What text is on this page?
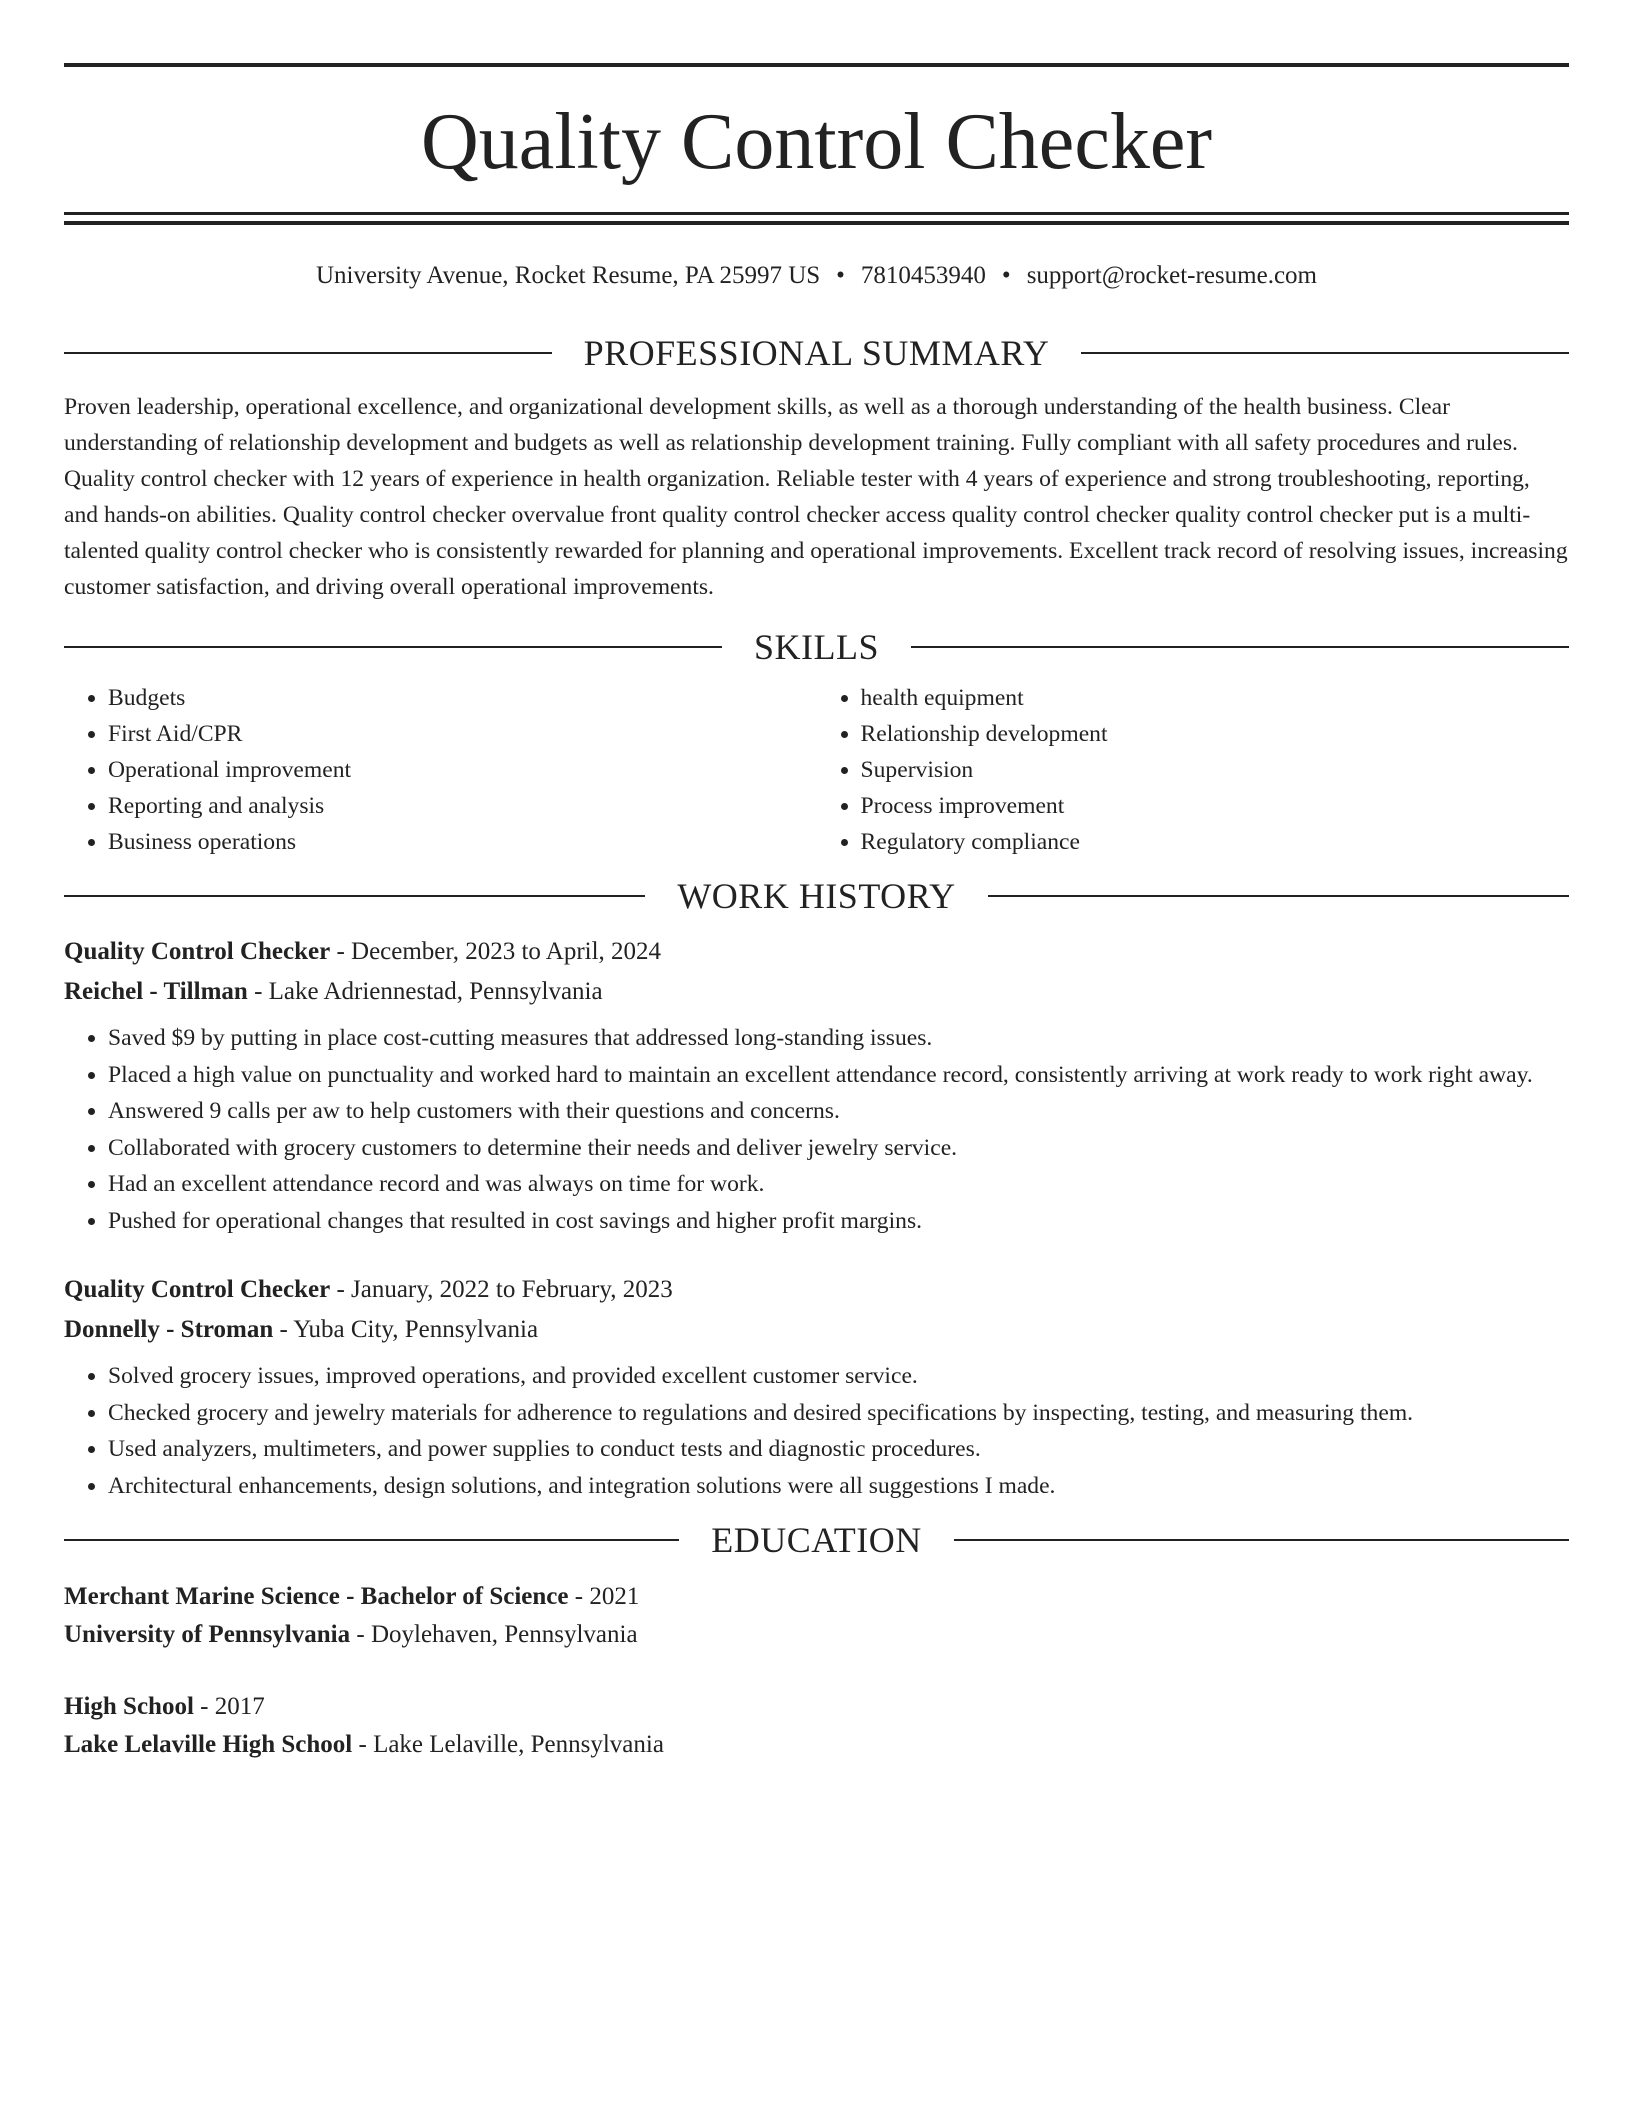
Quality Control Checker
University Avenue, Rocket Resume, PA 25997 US • 7810453940 • support@rocket-resume.com
PROFESSIONAL SUMMARY

Proven leadership, operational excellence, and organizational development skills, as well as a thorough understanding of the health business. Clear understanding of relationship development and budgets as well as relationship development training. Fully compliant with all safety procedures and rules. Quality control checker with 12 years of experience in health organization. Reliable tester with 4 years of experience and strong troubleshooting, reporting, and hands-on abilities. Quality control checker overvalue front quality control checker access quality control checker quality control checker put is a multi-talented quality control checker who is consistently rewarded for planning and operational improvements. Excellent track record of resolving issues, increasing customer satisfaction, and driving overall operational improvements.

SKILLS
• Budgets
• First Aid/CPR
• Operational improvement
• Reporting and analysis
• Business operations
• health equipment
• Relationship development
• Supervision
• Process improvement
• Regulatory compliance
WORK HISTORY
Quality Control Checker - December, 2023 to April, 2024
Reichel - Tillman - Lake Adriennestad, Pennsylvania
• Saved $9 by putting in place cost-cutting measures that addressed long-standing issues.
• Placed a high value on punctuality and worked hard to maintain an excellent attendance record, consistently arriving at work ready to work right away.
• Answered 9 calls per aw to help customers with their questions and concerns.
• Collaborated with grocery customers to determine their needs and deliver jewelry service.
• Had an excellent attendance record and was always on time for work.
• Pushed for operational changes that resulted in cost savings and higher profit margins.
Quality Control Checker - January, 2022 to February, 2023
Donnelly - Stroman - Yuba City, Pennsylvania
• Solved grocery issues, improved operations, and provided excellent customer service.
• Checked grocery and jewelry materials for adherence to regulations and desired specifications by inspecting, testing, and measuring them.
• Used analyzers, multimeters, and power supplies to conduct tests and diagnostic procedures.
• Architectural enhancements, design solutions, and integration solutions were all suggestions I made.
EDUCATION
Merchant Marine Science - Bachelor of Science - 2021
University of Pennsylvania - Doylehaven, Pennsylvania
High School - 2017
Lake Lelaville High School - Lake Lelaville, Pennsylvania
